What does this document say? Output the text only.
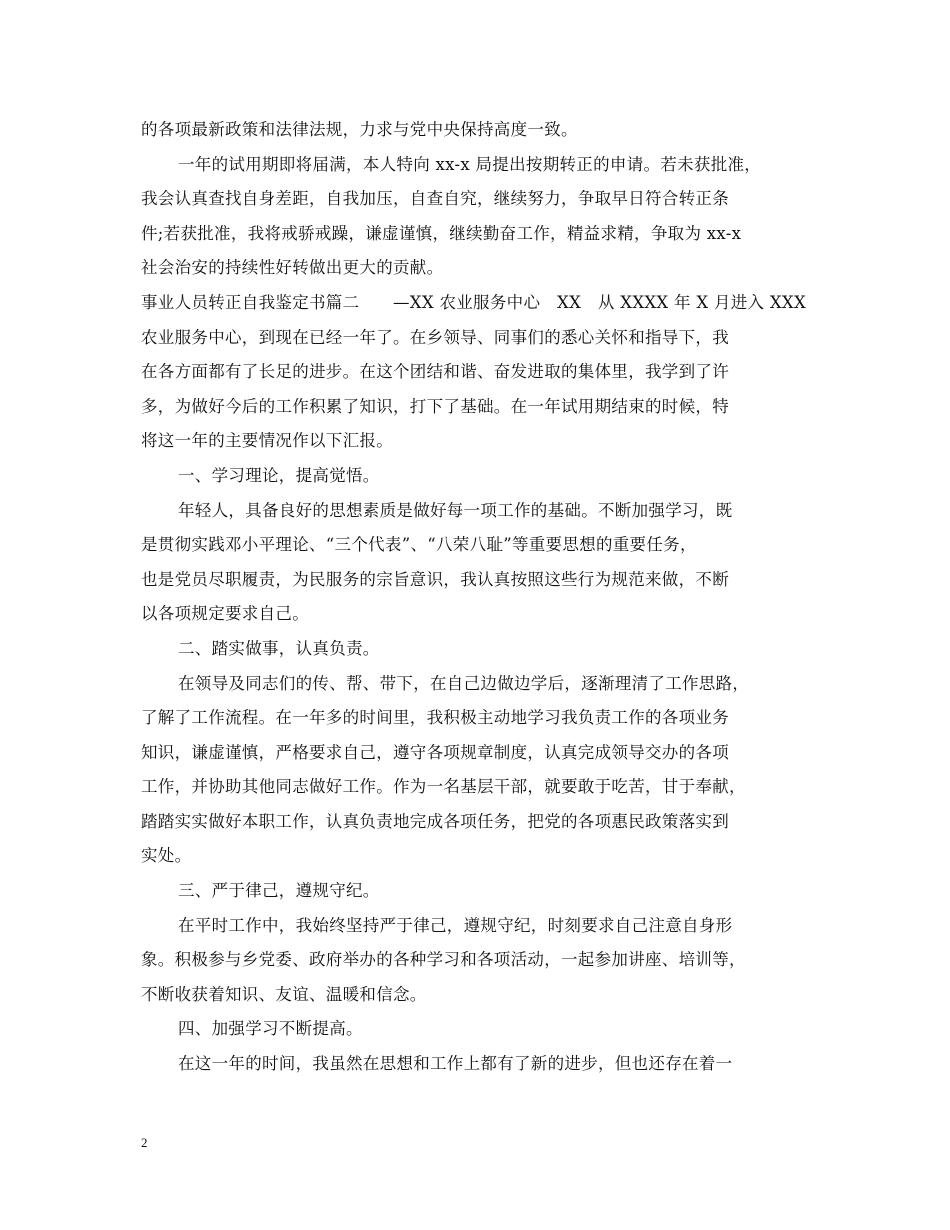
的各项最新政策和法律法规，力求与党中央保持高度一致。
一年的试用期即将届满，本人特向 xx-x 局提出按期转正的申请。若未获批准，
我会认真查找自身差距，自我加压，自查自究，继续努力，争取早日符合转正条
件;若获批准，我将戒骄戒躁，谦虚谨慎，继续勤奋工作，精益求精，争取为 xx-x
社会治安的持续性好转做出更大的贡献。
事业人员转正自我鉴定书篇二　　—XX 农业服务中心　XX　从 XXXX 年 X 月进入 XXX
农业服务中心，到现在已经一年了。在乡领导、同事们的悉心关怀和指导下，我
在各方面都有了长足的进步。在这个团结和谐、奋发进取的集体里，我学到了许
多，为做好今后的工作积累了知识，打下了基础。在一年试用期结束的时候，特
将这一年的主要情况作以下汇报。
一、学习理论，提高觉悟。
年轻人，具备良好的思想素质是做好每一项工作的基础。不断加强学习，既
是贯彻实践邓小平理论、“三个代表”、“八荣八耻”等重要思想的重要任务，
也是党员尽职履责，为民服务的宗旨意识，我认真按照这些行为规范来做，不断
以各项规定要求自己。
二、踏实做事，认真负责。
在领导及同志们的传、帮、带下，在自己边做边学后，逐渐理清了工作思路，
了解了工作流程。在一年多的时间里，我积极主动地学习我负责工作的各项业务
知识，谦虚谨慎，严格要求自己，遵守各项规章制度，认真完成领导交办的各项
工作，并协助其他同志做好工作。作为一名基层干部，就要敢于吃苦，甘于奉献，
踏踏实实做好本职工作，认真负责地完成各项任务，把党的各项惠民政策落实到
实处。
三、严于律己，遵规守纪。
在平时工作中，我始终坚持严于律己，遵规守纪，时刻要求自己注意自身形
象。积极参与乡党委、政府举办的各种学习和各项活动，一起参加讲座、培训等，
不断收获着知识、友谊、温暖和信念。
四、加强学习不断提高。
在这一年的时间，我虽然在思想和工作上都有了新的进步，但也还存在着一
2
